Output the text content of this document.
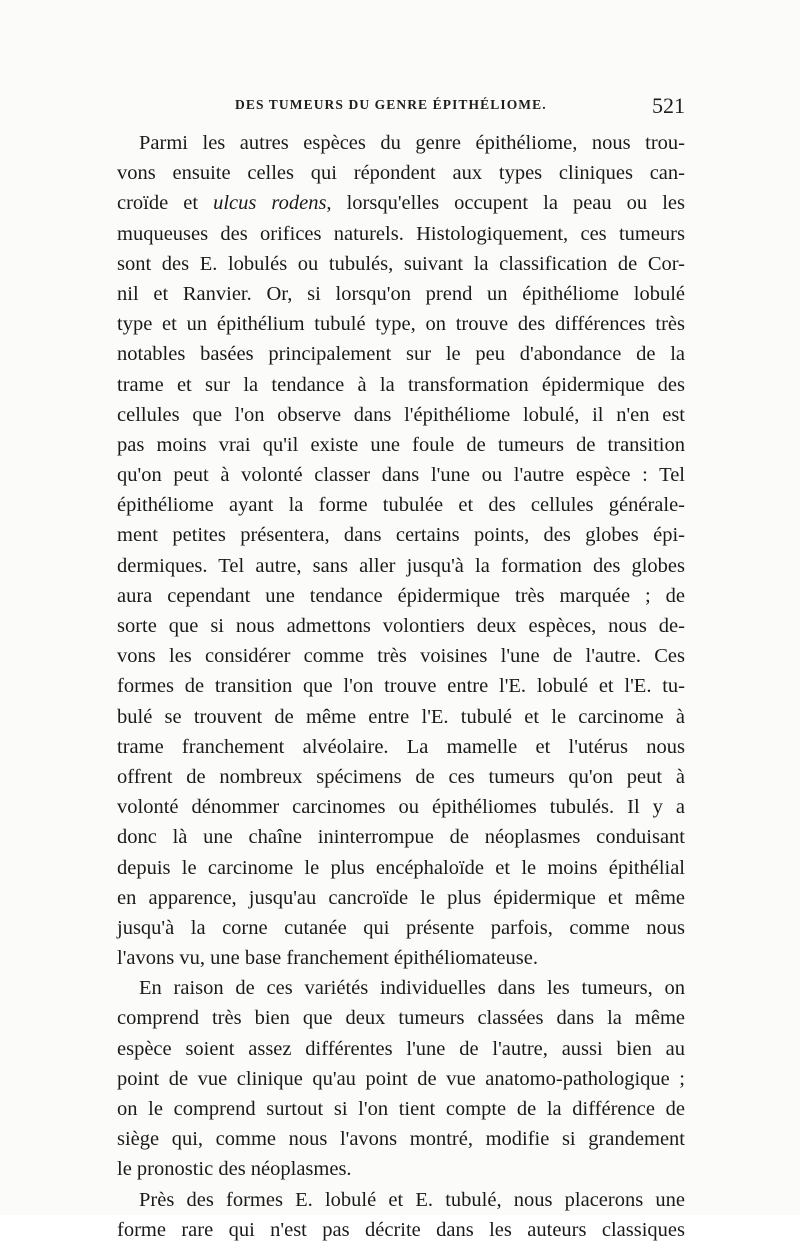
DES TUMEURS DU GENRE ÉPITHÉLIOME.	521
Parmi les autres espèces du genre épithéliome, nous trou-
vons ensuite celles qui répondent aux types cliniques can-
croïde et ulcus rodens, lorsqu'elles occupent la peau ou les
muqueuses des orifices naturels. Histologiquement, ces tumeurs
sont des E. lobulés ou tubulés, suivant la classification de Cor-
nil et Ranvier. Or, si lorsqu'on prend un épithéliome lobulé
type et un épithélium tubulé type, on trouve des différences très
notables basées principalement sur le peu d'abondance de la
trame et sur la tendance à la transformation épidermique des
cellules que l'on observe dans l'épithéliome lobulé, il n'en est
pas moins vrai qu'il existe une foule de tumeurs de transition
qu'on peut à volonté classer dans l'une ou l'autre espèce : Tel
épithéliome ayant la forme tubulée et des cellules générale-
ment petites présentera, dans certains points, des globes épi-
dermiques. Tel autre, sans aller jusqu'à la formation des globes
aura cependant une tendance épidermique très marquée ; de
sorte que si nous admettons volontiers deux espèces, nous de-
vons les considérer comme très voisines l'une de l'autre. Ces
formes de transition que l'on trouve entre l'E. lobulé et l'E. tu-
bulé se trouvent de même entre l'E. tubulé et le carcinome à
trame franchement alvéolaire. La mamelle et l'utérus nous
offrent de nombreux spécimens de ces tumeurs qu'on peut à
volonté dénommer carcinomes ou épithéliomes tubulés. Il y a
donc là une chaîne ininterrompue de néoplasmes conduisant
depuis le carcinome le plus encéphaloïde et le moins épithélial
en apparence, jusqu'au cancroïde le plus épidermique et même
jusqu'à la corne cutanée qui présente parfois, comme nous
l'avons vu, une base franchement épithéliomateuse.
En raison de ces variétés individuelles dans les tumeurs, on
comprend très bien que deux tumeurs classées dans la même
espèce soient assez différentes l'une de l'autre, aussi bien au
point de vue clinique qu'au point de vue anatomo-pathologique ;
on le comprend surtout si l'on tient compte de la différence de
siège qui, comme nous l'avons montré, modifie si grandement
le pronostic des néoplasmes.
Près des formes E. lobulé et E. tubulé, nous placerons une
forme rare qui n'est pas décrite dans les auteurs classiques
